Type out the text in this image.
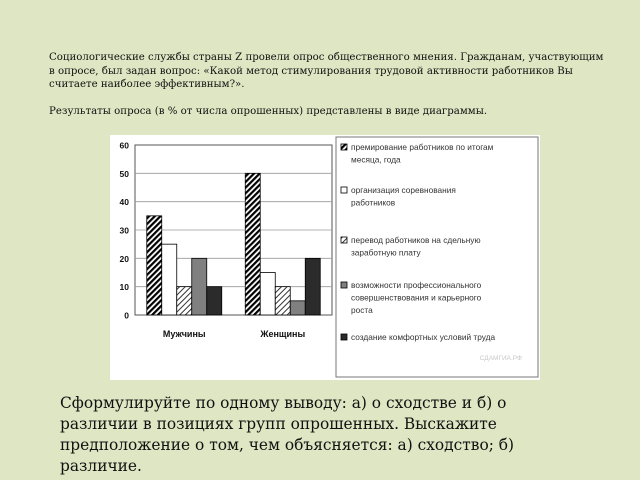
Социологические службы страны Z провели опрос общественного мнения. Гражданам, участвующим в опросе, был задан вопрос: «Какой метод стимулирования трудовой активности работников Вы считаете наиболее эффективным?».

Результаты опроса (в % от числа опрошенных) представлены в виде диаграммы.

0
10
20
30
40
50
60
Мужчины	Женщины
премирование работников по итогам месяца, года
организация соревнования работников
перевод работников на сдельную заработную плату
возможности профессионального совершенствования и карьерного роста
создание комфортных условий труда
СДАМГИА.РФ
Сформулируйте по одному выводу: а) о сходстве и б) о различии в позициях групп опрошенных. Выскажите предположение о том, чем объясняется: а) сходство; б) различие.
